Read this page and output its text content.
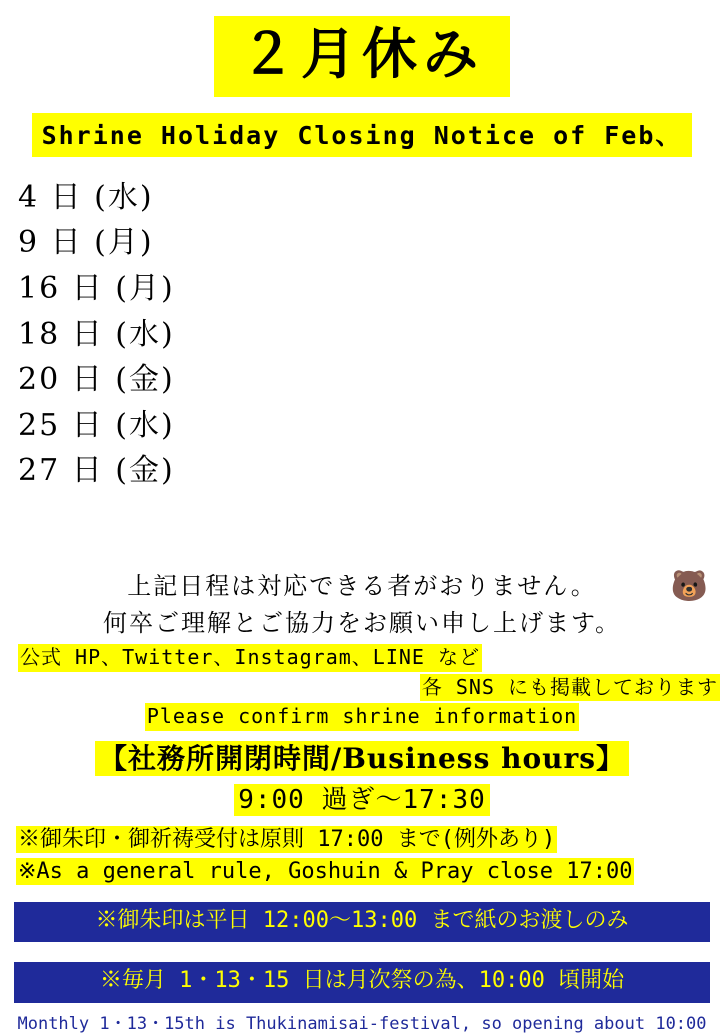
２月休み
Shrine Holiday Closing Notice of Feb、
4 日 (水)
9 日 (月)
16 日 (月)
18 日 (水)
20 日 (金)
25 日 (水)
27 日 (金)
上記日程は対応できる者がおりません。
何卒ご理解とご協力をお願い申し上げます。
🐻
公式 HP、Twitter、Instagram、LINE など
各 SNS にも掲載しております
Please confirm shrine information
【社務所開閉時間/Business hours】
9:00 過ぎ〜17:30
※御朱印・御祈祷受付は原則 17:00 まで(例外あり)
※As a general rule, Goshuin & Pray close 17:00
※御朱印は平日 12:00〜13:00 まで紙のお渡しのみ
※毎月 1・13・15 日は月次祭の為、10:00 頃開始
Monthly 1・13・15th is Thukinamisai-festival, so opening about 10:00
